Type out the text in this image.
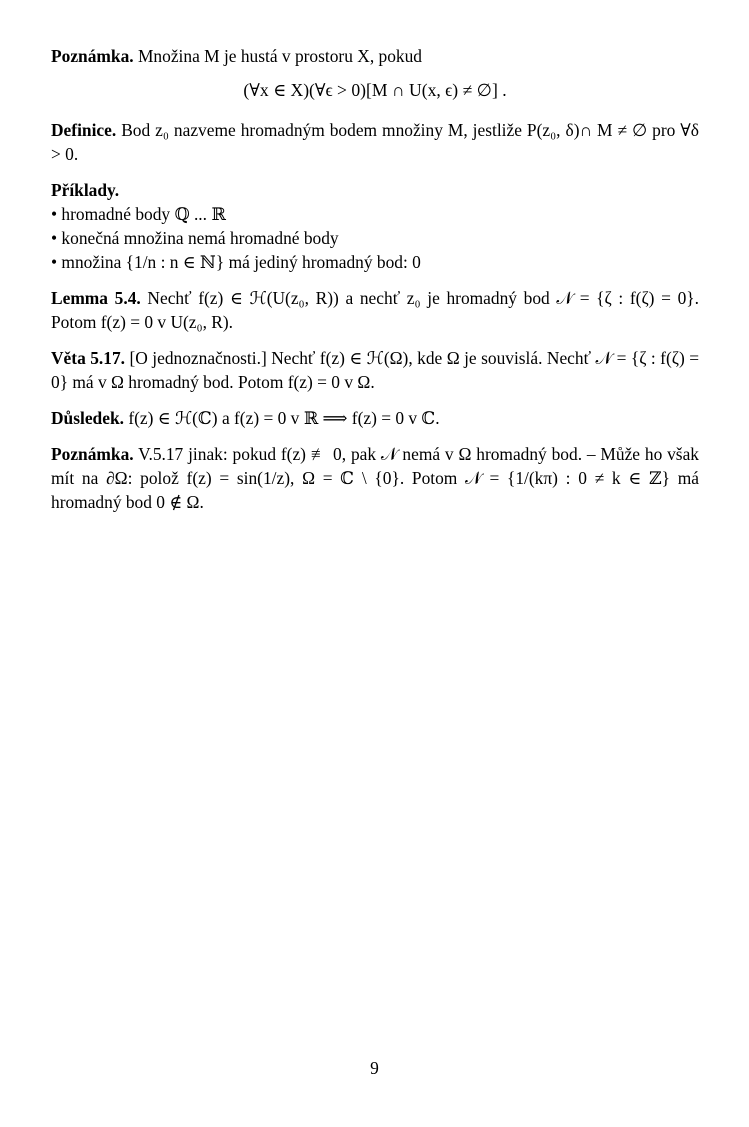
Poznámka. Množina M je hustá v prostoru X, pokud
(∀x ∈ X)(∀ϵ > 0)[M ∩ U(x, ϵ) ≠ ∅] .
Definice. Bod z₀ nazveme hromadným bodem množiny M, jestliže P(z₀, δ)∩ M ≠ ∅ pro ∀δ > 0.
Příklady.
• hromadné body ℚ ... ℝ
• konečná množina nemá hromadné body
• množina {1/n : n ∈ ℕ} má jediný hromadný bod: 0
Lemma 5.4. Nechť f(z) ∈ ℋ(U(z₀, R)) a nechť z₀ je hromadný bod 𝒩 = {ζ : f(ζ) = 0}. Potom f(z) = 0 v U(z₀, R).
Věta 5.17. [O jednoznačnosti.] Nechť f(z) ∈ ℋ(Ω), kde Ω je souvislá. Nechť 𝒩 = {ζ : f(ζ) = 0} má v Ω hromadný bod. Potom f(z) = 0 v Ω.
Důsledek. f(z) ∈ ℋ(ℂ) a f(z) = 0 v ℝ ⟹ f(z) = 0 v ℂ.
Poznámka. V.5.17 jinak: pokud f(z) ≢ 0, pak 𝒩 nemá v Ω hromadný bod. – Může ho však mít na ∂Ω: polož f(z) = sin(1/z), Ω = ℂ \ {0}. Potom 𝒩 = {1/(kπ) : 0 ≠ k ∈ ℤ} má hromadný bod 0 ∉ Ω.
9
